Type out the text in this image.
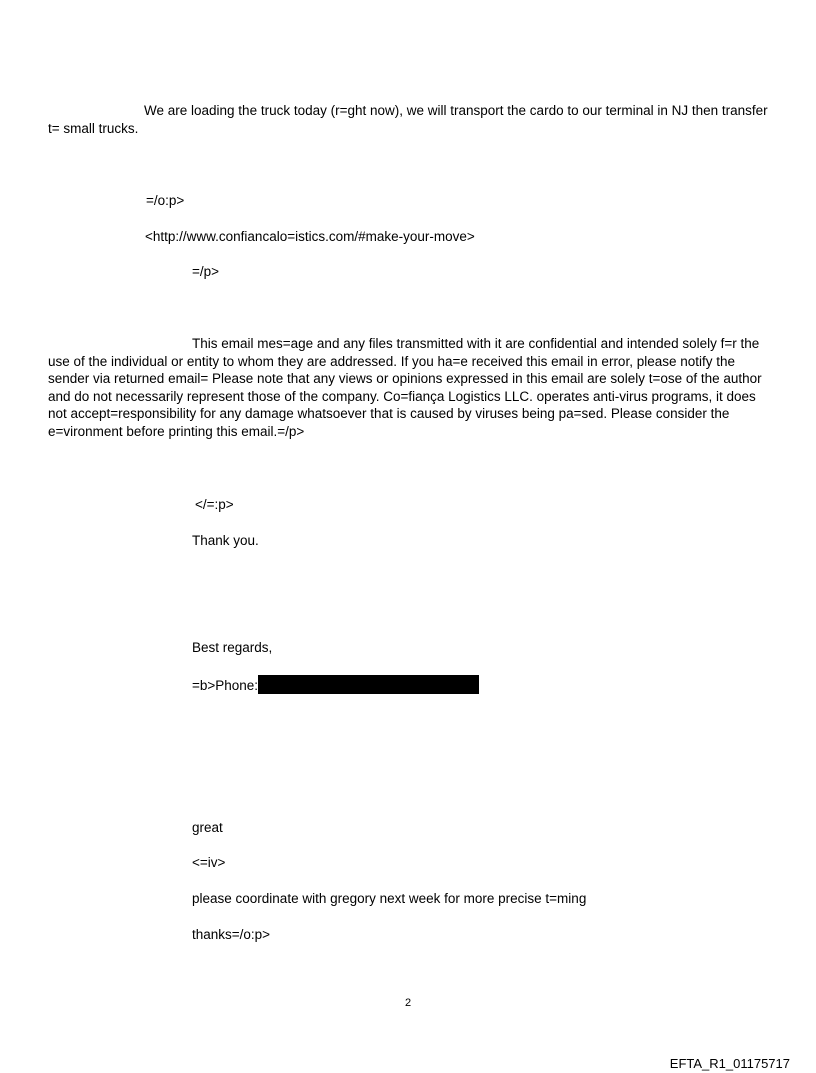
We are loading the truck today (r=ght now), we will transport the cardo to our terminal in NJ then transfer t= small trucks.

=/o:p>

<http://www.confiancalo=istics.com/#make-your-move>

=/p>

This email mes=age and any files transmitted with it are confidential and intended solely f=r the use of the individual or entity to whom they are addressed. If you ha=e received this email in error, please notify the sender via returned email= Please note that any views or opinions expressed in this email are solely t=ose of the author and do not necessarily represent those of the company. Co=fiança Logistics LLC. operates anti-virus programs, it does not accept=responsibility for any damage whatsoever that is caused by viruses being pa=sed. Please consider the e=vironment before printing this email.=/p>

</=:p>

Thank you.

Best regards,

=b>Phone:

great

<=iv>

please coordinate with gregory next week for more precise t=ming

thanks=/o:p>

2
EFTA_R1_01175717
